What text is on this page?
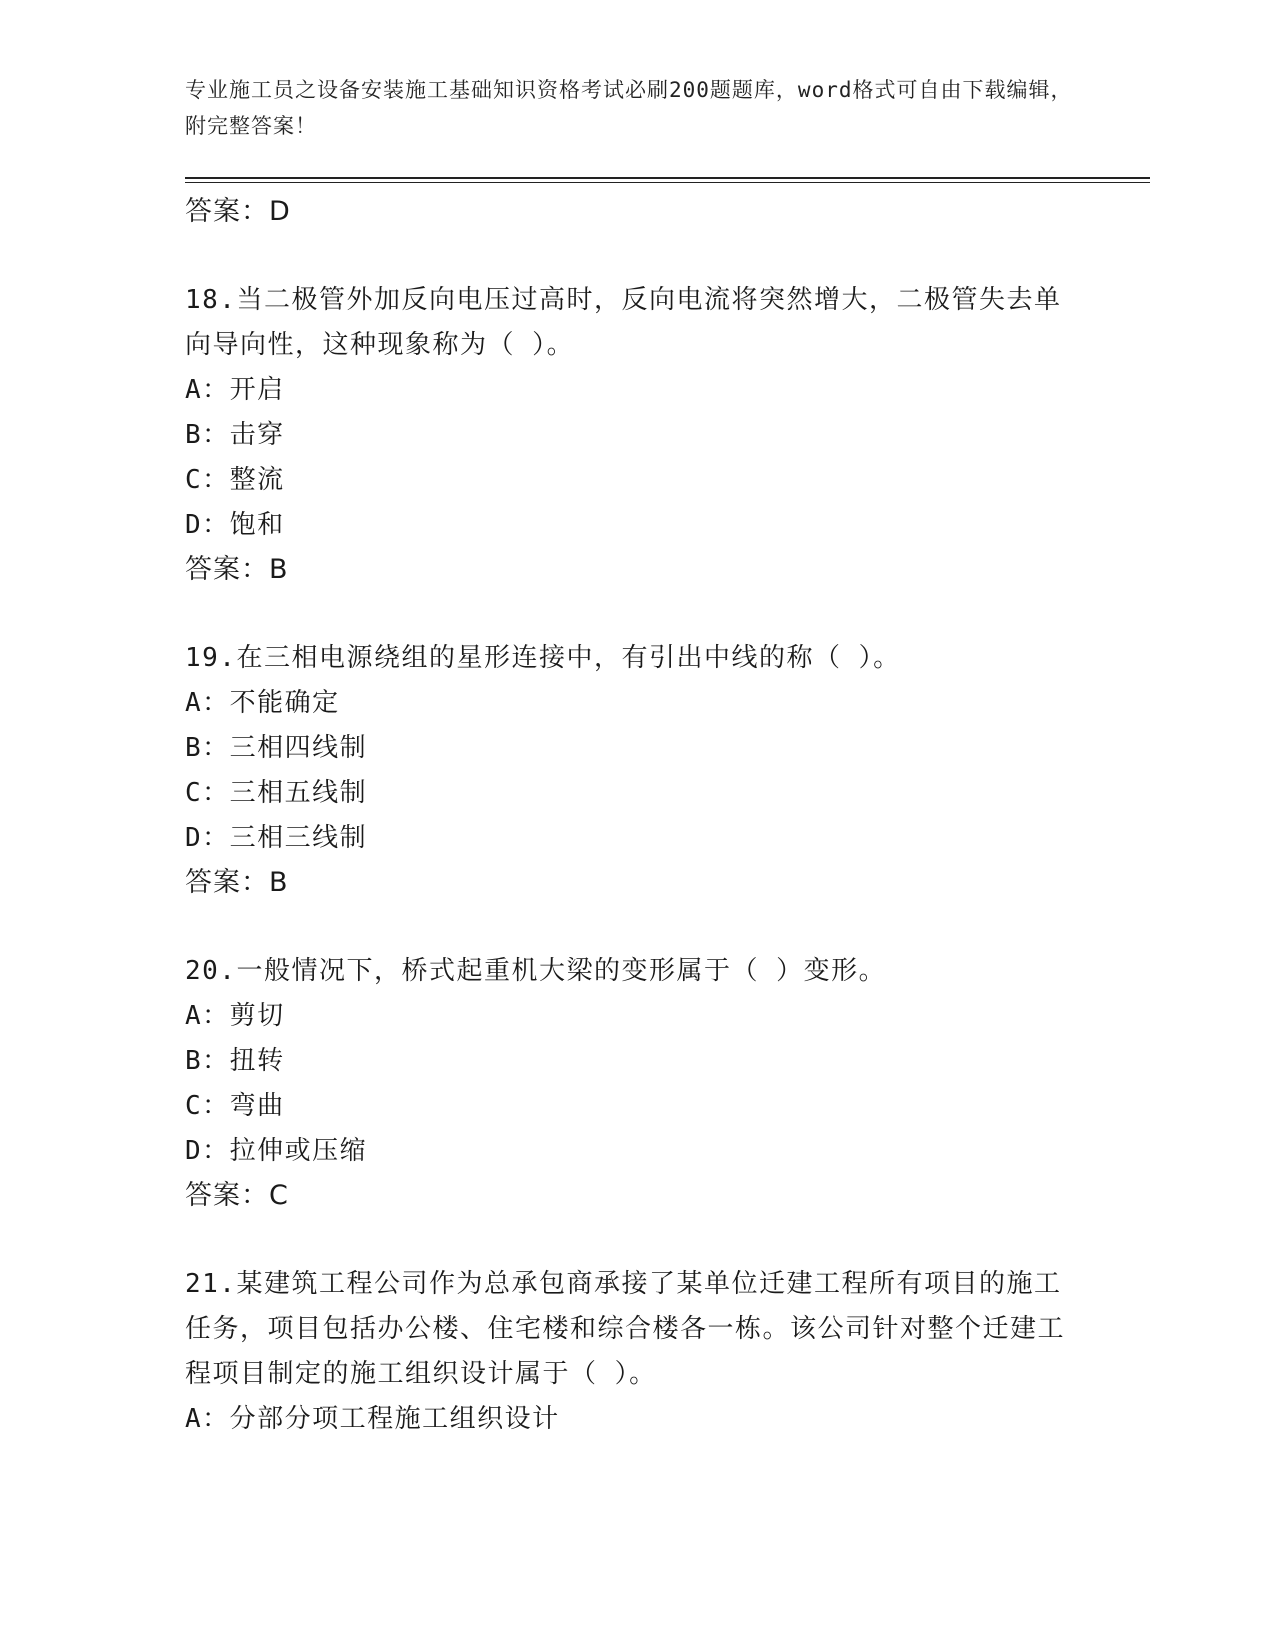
专业施工员之设备安装施工基础知识资格考试必刷200题题库，word格式可自由下载编辑，附完整答案！
答案：D
18.当二极管外加反向电压过高时，反向电流将突然增大，二极管失去单向导向性，这种现象称为（ ）。
A：开启
B：击穿
C：整流
D：饱和
答案：B
19.在三相电源绕组的星形连接中，有引出中线的称（ ）。
A：不能确定
B：三相四线制
C：三相五线制
D：三相三线制
答案：B
20.一般情况下，桥式起重机大梁的变形属于（ ）变形。
A：剪切
B：扭转
C：弯曲
D：拉伸或压缩
答案：C
21.某建筑工程公司作为总承包商承接了某单位迁建工程所有项目的施工任务，项目包括办公楼、住宅楼和综合楼各一栋。该公司针对整个迁建工程项目制定的施工组织设计属于（ ）。
A：分部分项工程施工组织设计
